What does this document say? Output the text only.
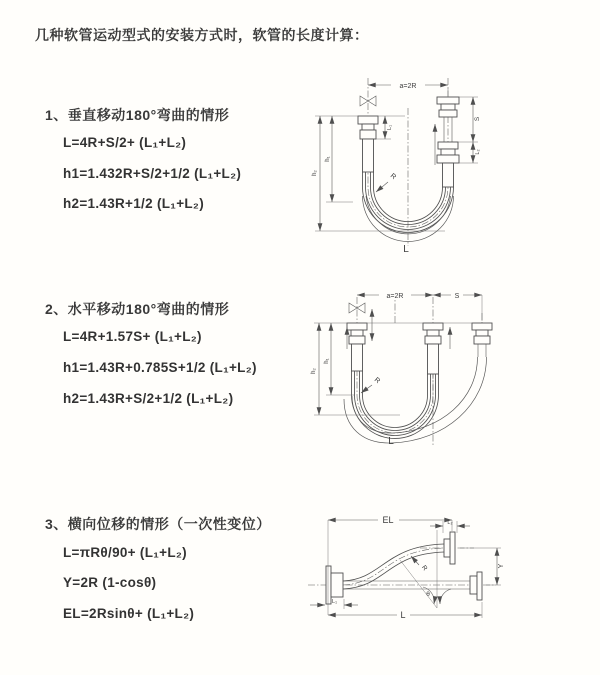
几种软管运动型式的安装方式时，软管的长度计算：
1、垂直移动180°弯曲的情形
L=4R+S/2+ (L₁+L₂)
h1=1.432R+S/2+1/2 (L₁+L₂)
h2=1.43R+1/2 (L₁+L₂)
2、水平移动180°弯曲的情形
L=4R+1.57S+ (L₁+L₂)
h1=1.43R+0.785S+1/2 (L₁+L₂)
h2=1.43R+S/2+1/2 (L₁+L₂)
3、横向位移的情形（一次性变位）
L=πRθ/90+ (L₁+L₂)
Y=2R (1-cosθ)
EL=2Rsinθ+ (L₁+L₂)
a=2R
L₁
S
L₂
h₂
h₁
R
L
a=2R	S
h₂
h₁
R
L
EL	L₂
Y
L
L₁
R
θ
